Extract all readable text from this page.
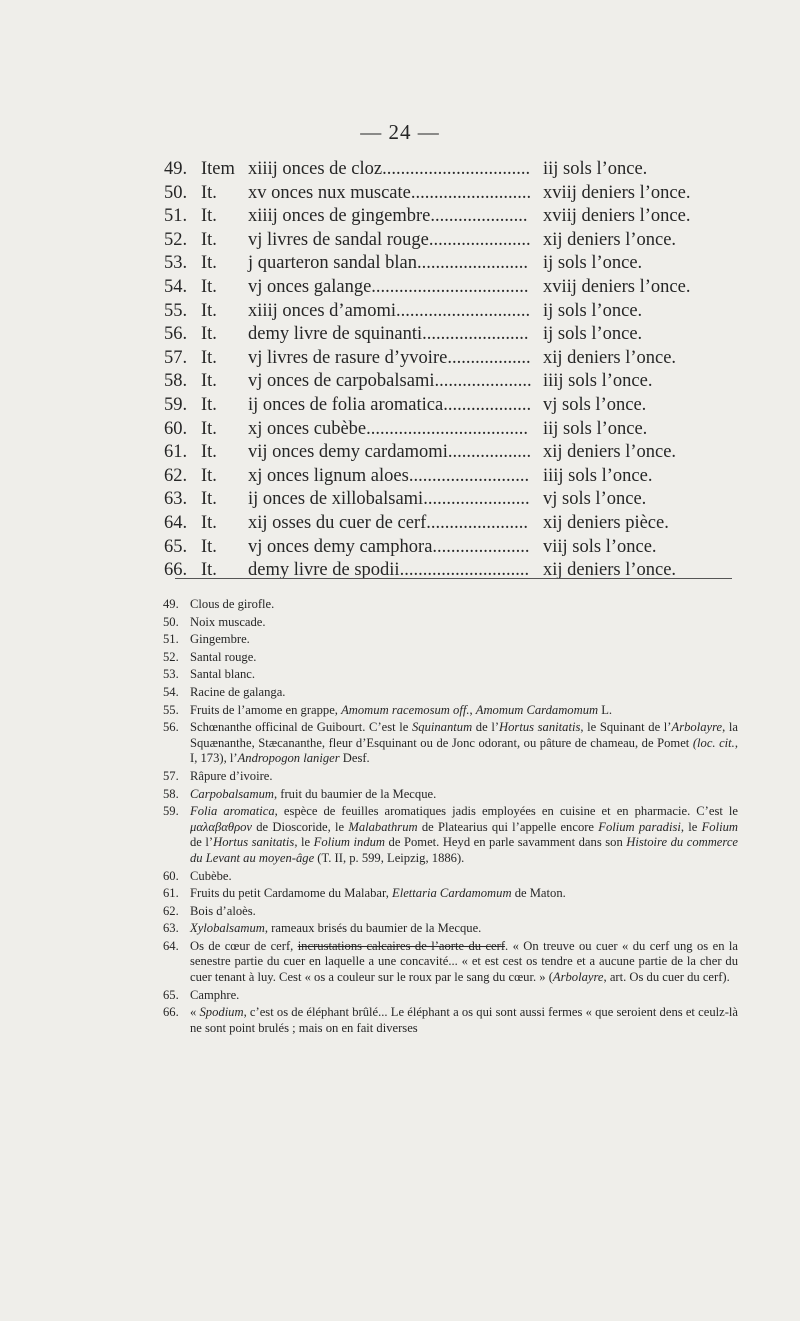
— 24 —
49. Item xiiij onces de cloz................................ iij sols l’once.
50. It. xv onces nux muscate.......................... xviij deniers l’once.
51. It. xiiij onces de gingembre..................... xviij deniers l’once.
52. It. vj livres de sandal rouge...................... xij deniers l’once.
53. It. j quarteron sandal blan........................ ij sols l’once.
54. It. vj onces galange.................................. xviij deniers l’once.
55. It. xiiij onces d’amomi............................. ij sols l’once.
56. It. demy livre de squinanti....................... ij sols l’once.
57. It. vj livres de rasure d’yvoire.................. xij deniers l’once.
58. It. vj onces de carpobalsami..................... iiij sols l’once.
59. It. ij onces de folia aromatica................... vj sols l’once.
60. It. xj onces cubèbe................................... iij sols l’once.
61. It. vij onces demy cardamomi.................. xij deniers l’once.
62. It. xj onces lignum aloes.......................... iiij sols l’once.
63. It. ij onces de xillobalsami....................... vj sols l’once.
64. It. xij osses du cuer de cerf...................... xij deniers pièce.
65. It. vj onces demy camphora..................... viij sols l’once.
66. It. demy livre de spodii............................ xij deniers l’once.
49. Clous de girofle.
50. Noix muscade.
51. Gingembre.
52. Santal rouge.
53. Santal blanc.
54. Racine de galanga.
55. Fruits de l’amome en grappe, Amomum racemosum off., Amomum Cardamomum L.
56. Schœnanthe officinal de Guibourt. C’est le Squinantum de l’Hortus sanitatis, le Squinant de l’Arbolayre, la Squænanthe, Stæcananthe, fleur d’Esquinant ou de Jonc odorant, ou pâture de chameau, de Pomet (loc. cit., I, 173), l’Andropogon laniger Desf.
57. Râpure d’ivoire.
58. Carpobalsamum, fruit du baumier de la Mecque.
59. Folia aromatica, espèce de feuilles aromatiques jadis employées en cuisine et en pharmacie. C’est le μαλαβαθρον de Dioscoride, le Malabathrum de Platearius qui l’appelle encore Folium paradisi, le Folium de l’Hortus sanitatis, le Folium indum de Pomet. Heyd en parle savamment dans son Histoire du commerce du Levant au moyen-âge (T. II, p. 599, Leipzig, 1886).
60. Cubèbe.
61. Fruits du petit Cardamome du Malabar, Elettaria Cardamomum de Maton.
62. Bois d’aloès.
63. Xylobalsamum, rameaux brisés du baumier de la Mecque.
64. Os de cœur de cerf, incrustations calcaires de l’aorte du cerf. « On treuve ou cuer « du cerf ung os en la senestre partie du cuer en laquelle a une concavité... « et est cest os tendre et a aucune partie de la cher du cuer tenant à luy. Cest « os a couleur sur le roux par le sang du cœur. » (Arbolayre, art. Os du cuer du cerf).
65. Camphre.
66. « Spodium, c’est os de éléphant brûlé... Le éléphant a os qui sont aussi fermes « que seroient dens et ceulz-là ne sont point brulés ; mais on en fait diverses
